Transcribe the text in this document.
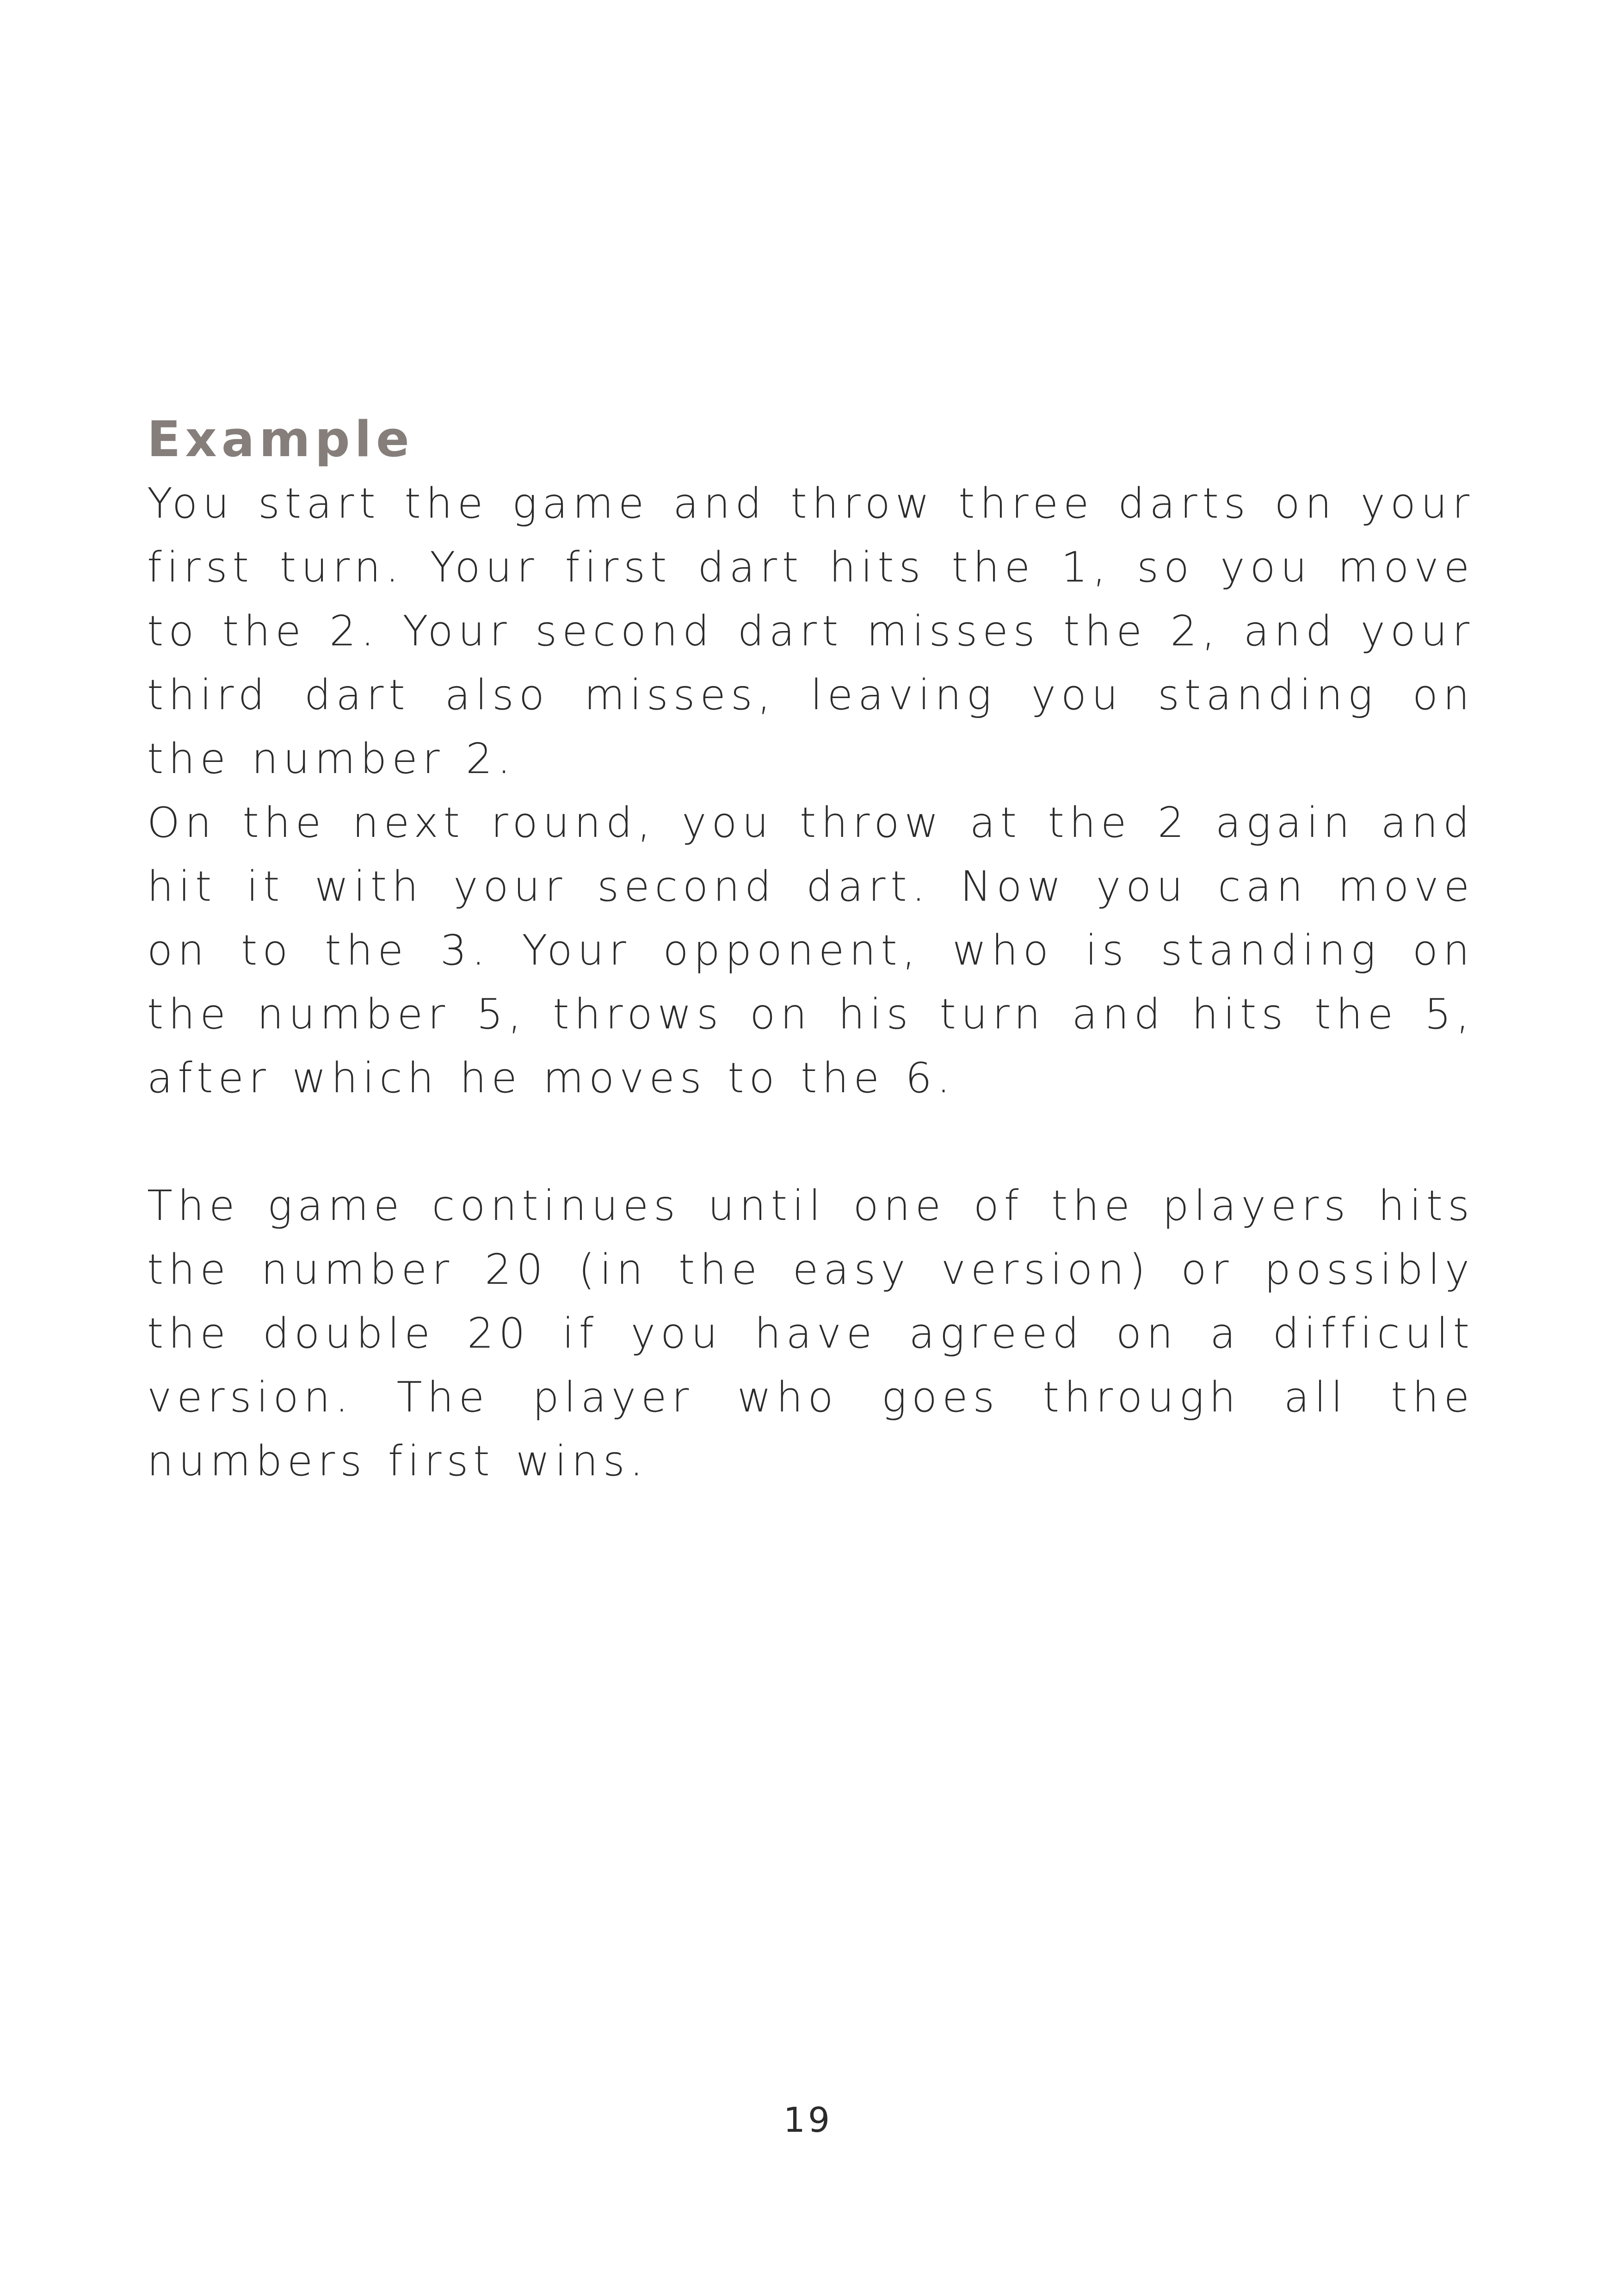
Example

You start the game and throw three darts on your first turn. Your first dart hits the 1, so you move to the 2. Your second dart misses the 2, and your third dart also misses, leaving you standing on the number 2.

On the next round, you throw at the 2 again and hit it with your second dart. Now you can move on to the 3. Your opponent, who is standing on the number 5, throws on his turn and hits the 5, after which he moves to the 6.

The game continues until one of the players hits the number 20 (in the easy version) or possibly the double 20 if you have agreed on a difficult version. The player who goes through all the numbers first wins.

19
